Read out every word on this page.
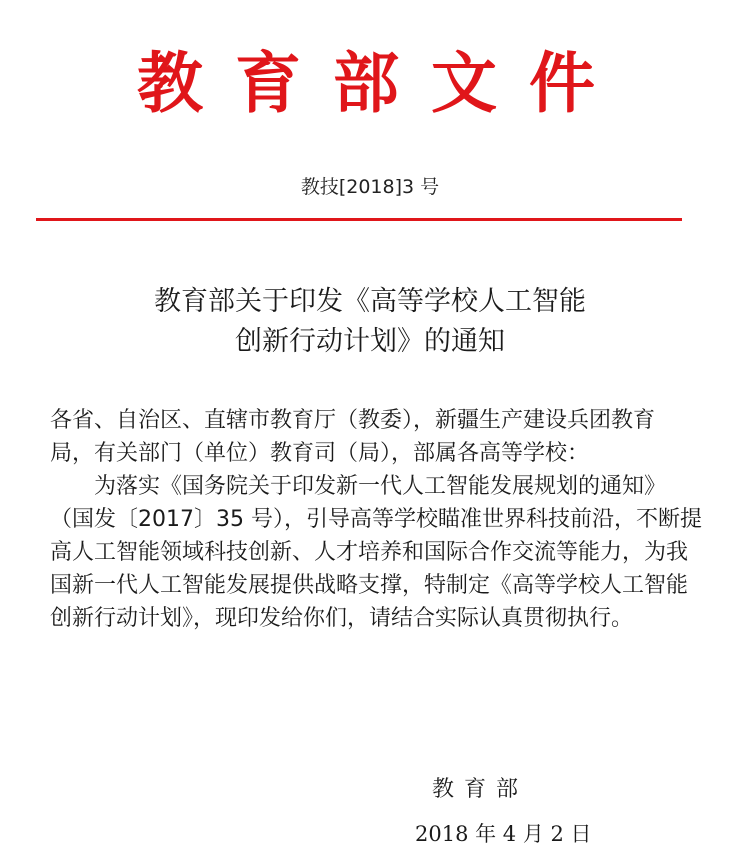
教育部文件
教技[2018]3 号
教育部关于印发《高等学校人工智能
创新行动计划》的通知
各省、自治区、直辖市教育厅（教委），新疆生产建设兵团教育
局，有关部门（单位）教育司（局），部属各高等学校：
为落实《国务院关于印发新一代人工智能发展规划的通知》
（国发〔2017〕35 号），引导高等学校瞄准世界科技前沿，不断提
高人工智能领域科技创新、人才培养和国际合作交流等能力，为我
国新一代人工智能发展提供战略支撑，特制定《高等学校人工智能
创新行动计划》，现印发给你们，请结合实际认真贯彻执行。
教育部
2018 年 4 月 2 日
